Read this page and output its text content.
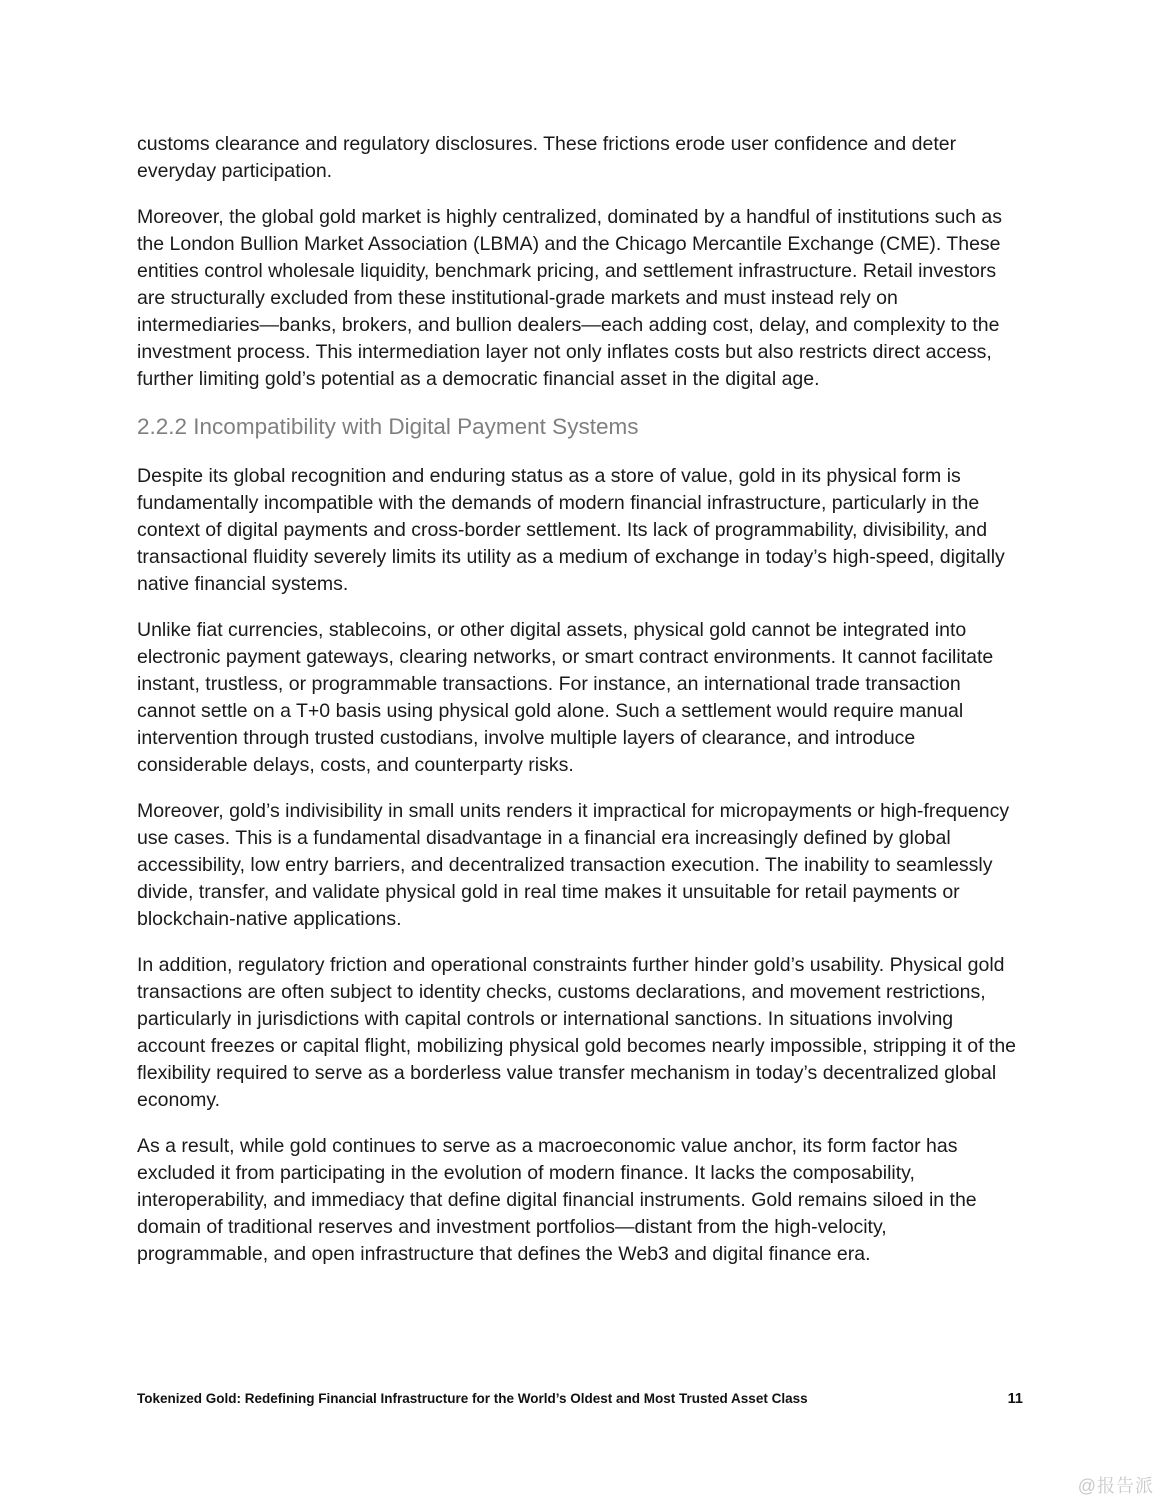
customs clearance and regulatory disclosures. These frictions erode user confidence and deter everyday participation.

Moreover, the global gold market is highly centralized, dominated by a handful of institutions such as the London Bullion Market Association (LBMA) and the Chicago Mercantile Exchange (CME). These entities control wholesale liquidity, benchmark pricing, and settlement infrastructure. Retail investors are structurally excluded from these institutional-grade markets and must instead rely on intermediaries—banks, brokers, and bullion dealers—each adding cost, delay, and complexity to the investment process. This intermediation layer not only inflates costs but also restricts direct access, further limiting gold’s potential as a democratic financial asset in the digital age.

2.2.2 Incompatibility with Digital Payment Systems

Despite its global recognition and enduring status as a store of value, gold in its physical form is fundamentally incompatible with the demands of modern financial infrastructure, particularly in the context of digital payments and cross-border settlement. Its lack of programmability, divisibility, and transactional fluidity severely limits its utility as a medium of exchange in today’s high-speed, digitally native financial systems.

Unlike fiat currencies, stablecoins, or other digital assets, physical gold cannot be integrated into electronic payment gateways, clearing networks, or smart contract environments. It cannot facilitate instant, trustless, or programmable transactions. For instance, an international trade transaction cannot settle on a T+0 basis using physical gold alone. Such a settlement would require manual intervention through trusted custodians, involve multiple layers of clearance, and introduce considerable delays, costs, and counterparty risks.

Moreover, gold’s indivisibility in small units renders it impractical for micropayments or high-frequency use cases. This is a fundamental disadvantage in a financial era increasingly defined by global accessibility, low entry barriers, and decentralized transaction execution. The inability to seamlessly divide, transfer, and validate physical gold in real time makes it unsuitable for retail payments or blockchain-native applications.

In addition, regulatory friction and operational constraints further hinder gold’s usability. Physical gold transactions are often subject to identity checks, customs declarations, and movement restrictions, particularly in jurisdictions with capital controls or international sanctions. In situations involving account freezes or capital flight, mobilizing physical gold becomes nearly impossible, stripping it of the flexibility required to serve as a borderless value transfer mechanism in today’s decentralized global economy.

As a result, while gold continues to serve as a macroeconomic value anchor, its form factor has excluded it from participating in the evolution of modern finance. It lacks the composability, interoperability, and immediacy that define digital financial instruments. Gold remains siloed in the domain of traditional reserves and investment portfolios—distant from the high-velocity, programmable, and open infrastructure that defines the Web3 and digital finance era.

Tokenized Gold: Redefining Financial Infrastructure for the World’s Oldest and Most Trusted Asset Class	11
@报告派
